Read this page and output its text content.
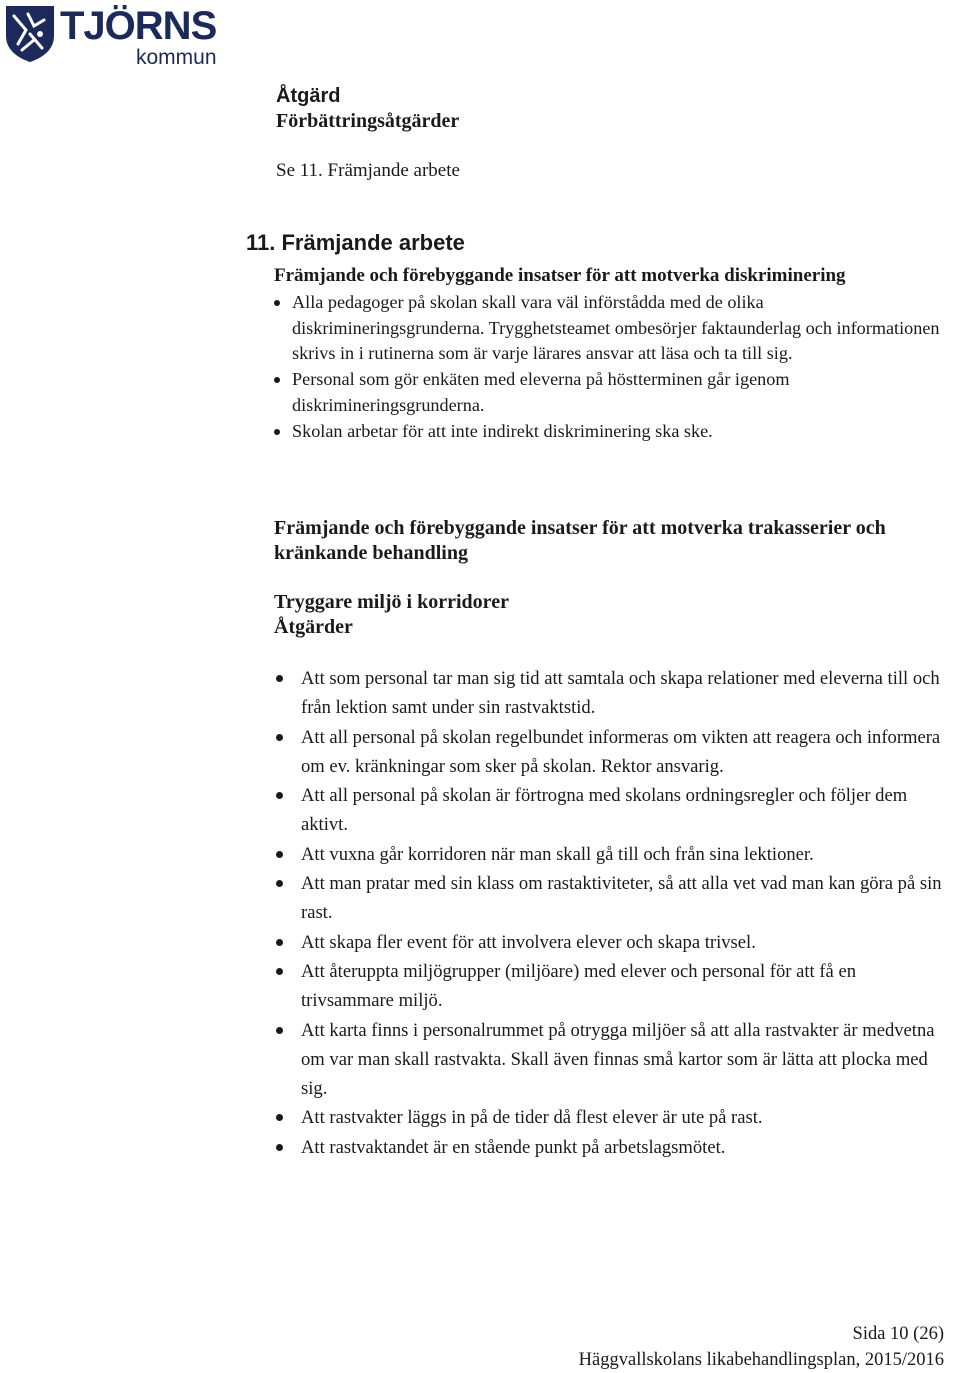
TJÖRNS
kommun
Åtgärd
Förbättringsåtgärder
Se 11. Främjande arbete
11. Främjande arbete
Främjande och förebyggande insatser för att motverka diskriminering
Alla pedagoger på skolan skall vara väl införstådda med de olika diskrimineringsgrunderna. Trygghetsteamet ombesörjer faktaunderlag och informationen skrivs in i rutinerna som är varje lärares ansvar att läsa och ta till sig.
Personal som gör enkäten med eleverna på höstterminen går igenom diskrimineringsgrunderna.
Skolan arbetar för att inte indirekt diskriminering ska ske.
Främjande och förebyggande insatser för att motverka trakasserier och kränkande behandling
Tryggare miljö i korridorer
Åtgärder
Att som personal tar man sig tid att samtala och skapa relationer med eleverna till och från lektion samt under sin rastvaktstid.
Att all personal på skolan regelbundet informeras om vikten att reagera och informera om ev. kränkningar som sker på skolan. Rektor ansvarig.
Att all personal på skolan är förtrogna med skolans ordningsregler och följer dem aktivt.
Att vuxna går korridoren när man skall gå till och från sina lektioner.
Att man pratar med sin klass om rastaktiviteter, så att alla vet vad man kan göra på sin rast.
Att skapa fler event för att involvera elever och skapa trivsel.
Att återuppta miljögrupper (miljöare) med elever och personal för att få en trivsammare miljö.
Att karta finns i personalrummet på otrygga miljöer så att alla rastvakter är medvetna om var man skall rastvakta. Skall även finnas små kartor som är lätta att plocka med sig.
Att rastvakter läggs in på de tider då flest elever är ute på rast.
Att rastvaktandet är en stående punkt på arbetslagsmötet.
Sida 10 (26)
Häggvallskolans likabehandlingsplan, 2015/2016
